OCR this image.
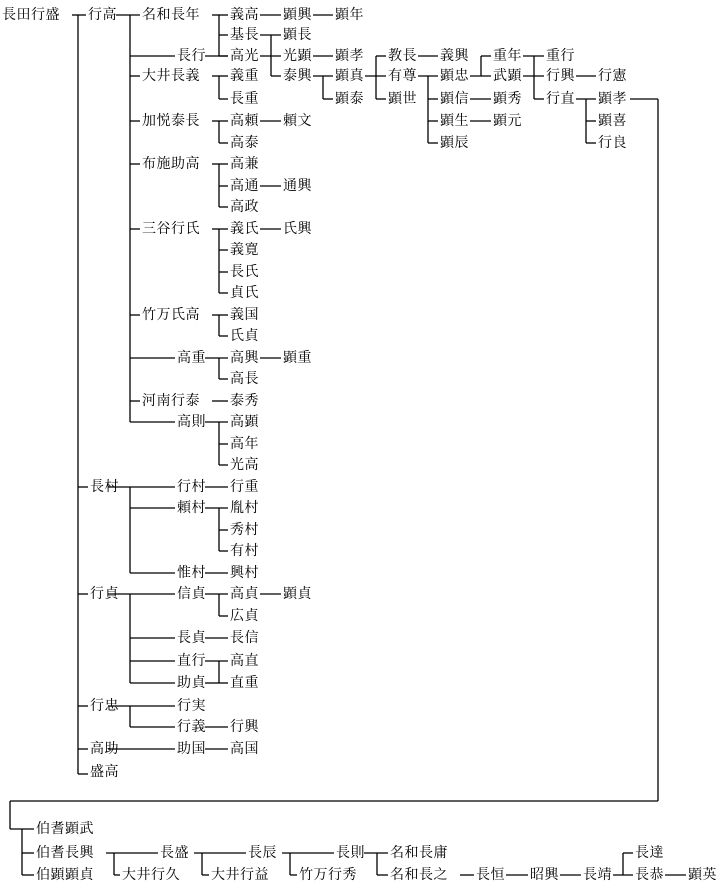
長田行盛 行高 名和長年 義高 顕興 顕年
基長 顕長
長行 高光 光顕 顕孝 教長 義興 重年 重行
大井長義 義重 泰興 顕真 有尊 顕忠 武顕 行興 行憲
長重	顕泰 顕世 顕信 顕秀 行直 顕孝
顕生 顕元	顕喜
加悦泰長 高頼 頼文
高泰	顕辰	行良
布施助高 高兼
高通 通興
高政
三谷行氏 義氏 氏興
義寛
長氏
貞氏
竹万氏高 義国
氏貞
高重 高興 顕重
高長
河南行泰 泰秀
高則 高顕
高年
光高
長村	行村 行重
頼村 胤村
秀村
有村
惟村 興村
行貞	信貞 高貞 顕貞
広貞
長貞 長信
直行 高直
助貞 直重
行忠	行実
行義 行興
高助	助国 高国
盛高
伯耆顕武
伯耆長興	長盛	長辰	長則 名和長庸
伯顕顕貞 大井行久 大井行益 竹万行秀 名和長之 長恒 昭興 長靖
長達
長恭 顕英
